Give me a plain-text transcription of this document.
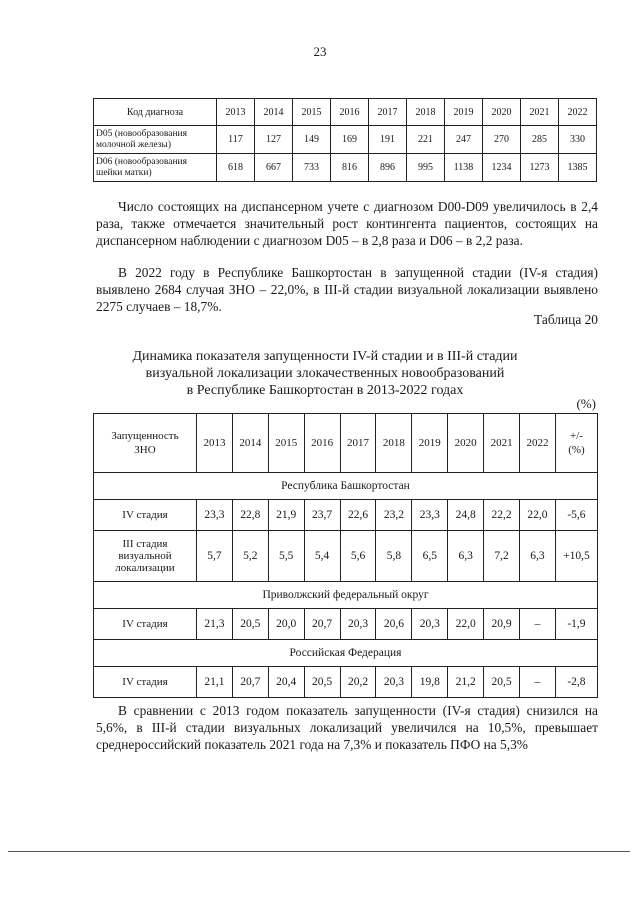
23
Код диагноза	2013	2014	2015	2016	2017	2018	2019	2020	2021	2022
D05 (новообразования
молочной железы)	117	127	149	169	191	221	247	270	285	330
D06 (новообразования
шейки матки)	618	667	733	816	896	995	1138	1234	1273	1385

Число состоящих на диспансерном учете с диагнозом D00-D09 увеличилось в 2,4 раза, также отмечается значительный рост контингента пациентов, состоящих на диспансерном наблюдении с диагнозом D05 – в 2,8 раза и D06 – в 2,2 раза.

В 2022 году в Республике Башкортостан в запущенной стадии (IV-я стадия) выявлено 2684 случая ЗНО – 22,0%, в III-й стадии визуальной локализации выявлено 2275 случаев – 18,7%.

Таблица 20
Динамика показателя запущенности IV-й стадии и в III-й стадии
визуальной локализации злокачественных новообразований
в Республике Башкортостан в 2013-2022 годах
(%)
Запущенность
ЗНО	2013	2014	2015	2016	2017	2018	2019	2020	2021	2022	+/-
(%)
Республика Башкортостан											
IV стадия	23,3	22,8	21,9	23,7	22,6	23,2	23,3	24,8	22,2	22,0	-5,6
III стадия
визуальной
локализации	5,7	5,2	5,5	5,4	5,6	5,8	6,5	6,3	7,2	6,3	+10,5
Приволжский федеральный округ											
IV стадия	21,3	20,5	20,0	20,7	20,3	20,6	20,3	22,0	20,9	–	-1,9
Российская Федерация											
IV стадия	21,1	20,7	20,4	20,5	20,2	20,3	19,8	21,2	20,5	–	-2,8

В сравнении с 2013 годом показатель запущенности (IV-я стадия) снизился на 5,6%, в III-й стадии визуальных локализаций увеличился на 10,5%, превышает среднероссийский показатель 2021 года на 7,3% и показатель ПФО на 5,3%
